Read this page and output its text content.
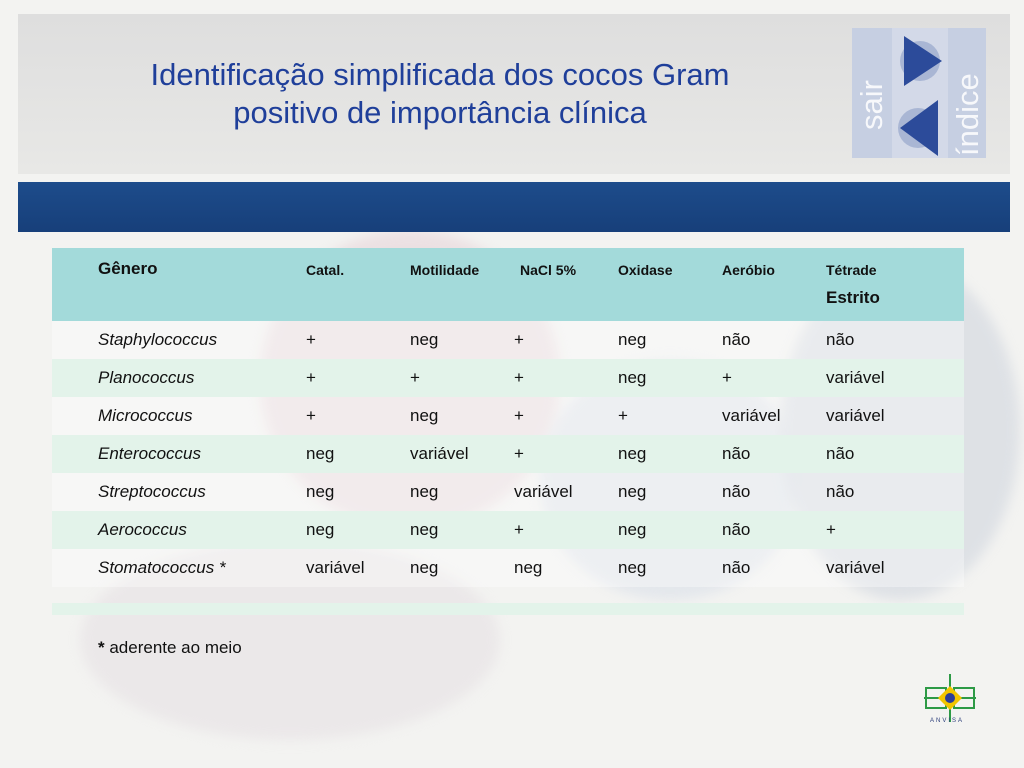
Identificação simplificada dos cocos Gram
positivo de importância clínica	sair índice
Gênero	Catal.	Motilidade	NaCl 5%	Oxidase	Aeróbio	Tétrade
Estrito

Staphylococcus	+	neg	+	neg	não	não
Planococcus	+	+	+	neg	+	variável
Micrococcus	+	neg	+	+	variável	variável
Enterococcus	neg	variável	+	neg	não	não
Streptococcus	neg	neg	variável	neg	não	não
Aerococcus	neg	neg	+	neg	não	+
Stomatococcus *	variável	neg	neg	neg	não	variável
* aderente ao meio
ANVISA
